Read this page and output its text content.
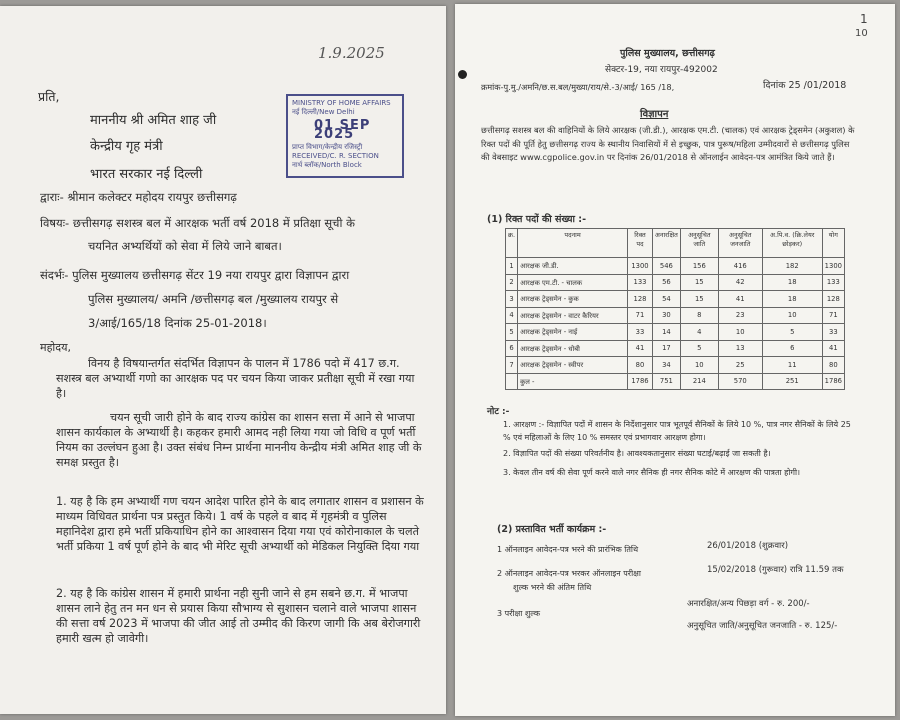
1.9.2025
प्रति,
माननीय श्री अमित शाह जी
केन्द्रीय गृह मंत्री
भारत सरकार नई दिल्ली
MINISTRY OF HOME AFFAIRS
नई दिल्ली/New Delhi
01 SEP 2025
प्राप्त विभाग/केन्द्रीय रजिस्ट्री
RECEIVED/C. R. SECTION
नार्थ ब्लॉक/North Block
द्वाराः- श्रीमान कलेक्टर महोदय रायपुर छत्तीसगढ़
विषयः- छत्तीसगढ़ सशस्त्र बल में आरक्षक भर्ती वर्ष 2018 में प्रतिक्षा सूची के
चयनित अभ्यर्थियों को सेवा में लिये जाने बाबत।
संदर्भः- पुलिस मुख्यालय छत्तीसगढ़ सेंटर 19 नया रायपुर द्वारा विज्ञापन द्वारा
पुलिस मुख्यालय/ अमनि /छत्तीसगढ़ बल /मुख्यालय रायपुर से
3/आई/165/18 दिनांक 25-01-2018।
महोदय,
विनय है विषयान्तर्गत संदर्भित विज्ञापन के पालन में 1786 पदो में 417 छ.ग. सशस्त्र बल अभ्यार्थी गणो का आरक्षक पद पर चयन किया जाकर प्रतीक्षा सूची में रखा गया है।
चयन सूची जारी होने के बाद राज्य कांग्रेस का शासन सत्ता में आने से भाजपा शासन कार्यकाल के अभ्यार्थी है। कहकर हमारी आमद नही लिया गया जो विधि व पूर्ण भर्ती नियम का उल्लंघन हुआ है। उक्त संबंध निम्न प्रार्थना माननीय केन्द्रीय मंत्री अमित शाह जी के समक्ष प्रस्तुत है।
1. यह है कि हम अभ्यार्थी गण चयन आदेश पारित होने के बाद लगातार शासन व प्रशासन के माध्यम विधिवत प्रार्थना पत्र प्रस्तुत किये। 1 वर्ष के पहले व बाद में गृहमंत्री व पुलिस महानिदेश द्वारा हमे भर्ती प्रकियाधिन होने का आश्वासन दिया गया एवं कोरोनाकाल के चलते भर्ती प्रकिया 1 वर्ष पूर्ण होने के बाद भी मेरिट सूची अभ्यार्थी को मेडिकल नियुक्ति दिया गया
2. यह है कि कांग्रेस शासन में हमारी प्रार्थना नही सुनी जाने से हम सबने छ.ग. में भाजपा शासन लाने हेतु तन मन धन से प्रयास किया सौभाग्य से सुशासन चलाने वाले भाजपा शासन की सत्ता वर्ष 2023 में भाजपा की जीत आई तो उम्मीद की किरण जागी कि अब बेरोजगारी हमारी खत्म हो जावेगी।
1
10
पुलिस मुख्यालय, छत्तीसगढ़
सेक्टर-19, नया रायपुर-492002
क्रमांक-पु.मु./अमनि/छ.स.बल/मुख्या/राय/से.-3/आई/ 165 /18,	दिनांक 25 /01/2018
विज्ञापन
छत्तीसगढ़ सशस्त्र बल की वाहिनियों के लिये आरक्षक (जी.डी.), आरक्षक एम.टी. (चालक) एवं आरक्षक ट्रेड्समेन (अकुशल) के रिक्त पदों की पूर्ति हेतु छत्तीसगढ़ राज्य के स्थानीय निवासियों में से इच्छुक, पात्र पुरूष/महिला उम्मीदवारों से छत्तीसगढ़ पुलिस की वेबसाइट www.cgpolice.gov.in पर दिनांक 26/01/2018 से ऑनलाईन आवेदन-पत्र आमंत्रित किये जाते हैं।
(1) रिक्त पदों की संख्या :-
क्र.	पदनाम	रिक्त पद	अनारक्षित	अनुसूचित जाति	अनुसूचित जनजाति	अ.पि.व. (क्रि.लेयर छोड़कर)	योग
1	आरक्षक जी.डी.	1300	546	156	416	182	1300
2	आरक्षक एम.टी. - चालक	133	56	15	42	18	133
3	आरक्षक ट्रेड्समेन - कुक	128	54	15	41	18	128
4	आरक्षक ट्रेड्समेन - वाटर कैरियर	71	30	8	23	10	71
5	आरक्षक ट्रेड्समेन - नाई	33	14	4	10	5	33
6	आरक्षक ट्रेड्समेन - धोबी	41	17	5	13	6	41
7	आरक्षक ट्रेड्समेन - स्वीपर	80	34	10	25	11	80
	कुल -	1786	751	214	570	251	1786
नोट :-
1. आरक्षण :- विज्ञापित पदों में शासन के निर्देशानुसार पात्र भूतपूर्व सैनिकों के लिये 10 %, पात्र नगर सैनिकों के लिये 25 % एवं महिलाओं के लिए 10 % समस्तर एवं प्रभागवार आरक्षण होगा।
2. विज्ञापित पदों की संख्या परिवर्तनीय है। आवश्यकतानुसार संख्या घटाई/बढ़ाई जा सकती है।
3. केवल तीन वर्ष की सेवा पूर्ण करने वाले नगर सैनिक ही नगर सैनिक कोटे में आरक्षण की पात्रता होगी।
(2) प्रस्तावित भर्ती कार्यक्रम :-
1 ऑनलाइन आवेदन-पत्र भरने की प्रारंभिक तिथि	26/01/2018 (शुक्रवार)
2 ऑनलाइन आवेदन-पत्र भरकर ऑनलाइन परीक्षा
शुल्क भरने की अंतिम तिथि
15/02/2018 (गुरूवार) रात्रि 11.59 तक
3 परीक्षा शुल्क
अनारक्षित/अन्य पिछड़ा वर्ग - रु. 200/-
अनुसूचित जाति/अनुसूचित जनजाति - रु. 125/-
